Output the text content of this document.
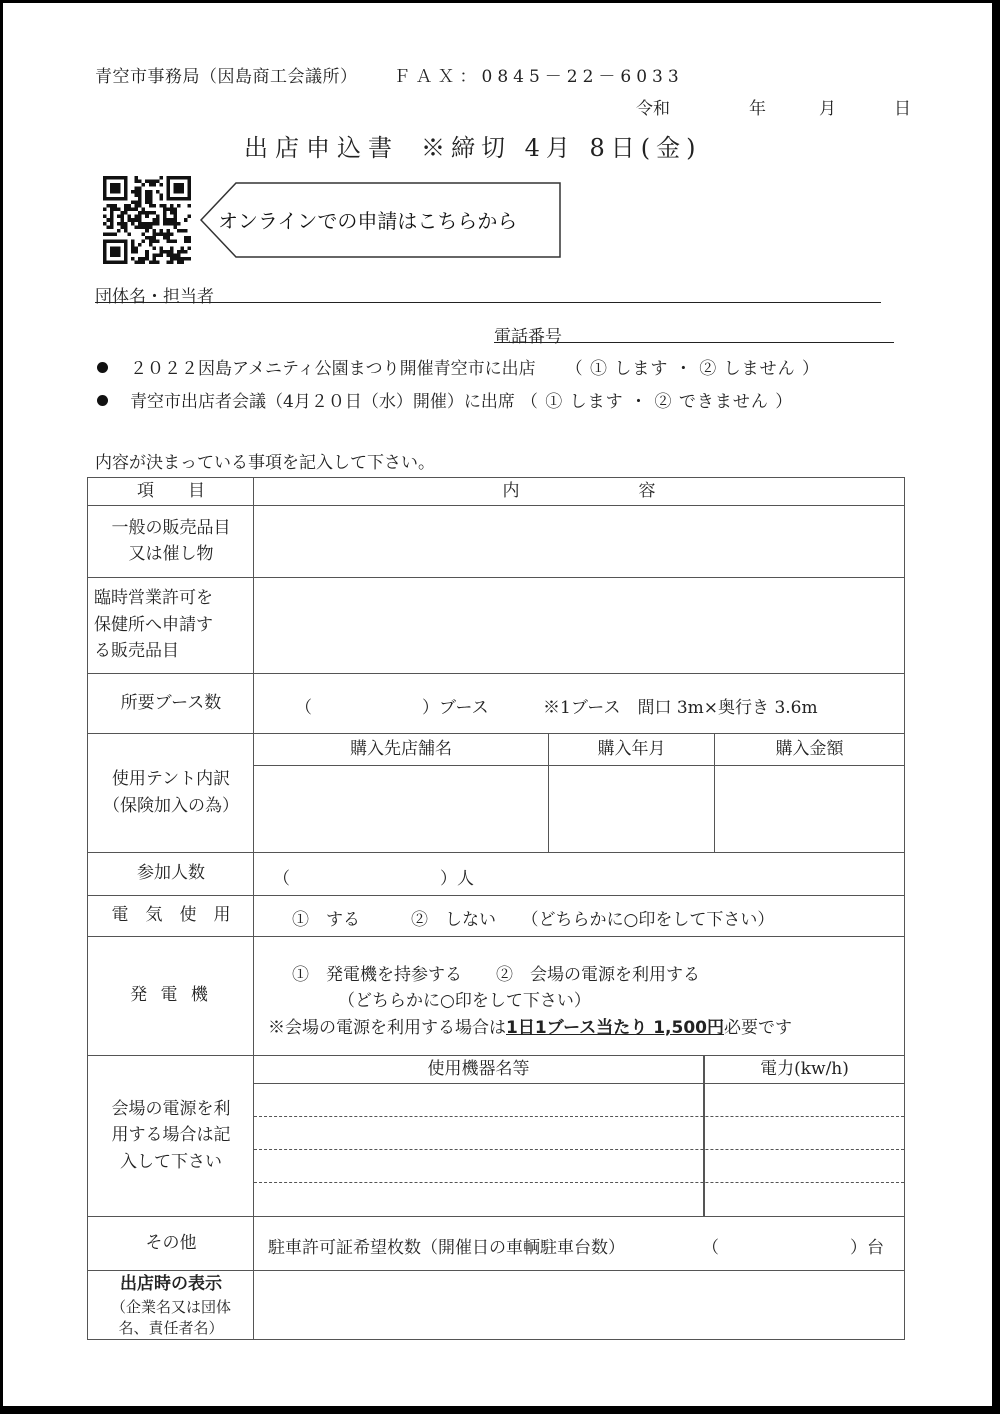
青空市事務局（因島商工会議所） ＦＡＸ：0845－22－6033
令和	年	月	日
出店申込書 ※締切 4月 8日(金)
オンラインでの申請はこちらから
団体名・担当者
電話番号
２０２２因島アメニティ公園まつり開催青空市に出店 （ ① します ・ ② しません ）
青空市出店者会議（4月２０日（水）開催）に出席 （ ① します ・ ② できません ）
内容が決まっている事項を記入して下さい。
項　　目	内　　　　　　　容
一般の販売品目
又は催し物
臨時営業許可を
保健所へ申請す
る販売品目
所要ブース数	（	）ブース	※1ブース　間口 3m×奥行き 3.6m
使用テント内訳
（保険加入の為）
購入先店舗名	購入年月	購入金額
参加人数	（	）人
電　気　使　用	①　する　　　②　しない　　（どちらかに○印をして下さい）
発 電 機
①　発電機を持参する　　②　会場の電源を利用する
（どちらかに○印をして下さい）
※会場の電源を利用する場合は1日1ブース当たり 1,500円必要です
会場の電源を利
用する場合は記
入して下さい
使用機器名等	電力(kw/h)
その他	駐車許可証希望枚数（開催日の車輌駐車台数）	（	）台
出店時の表示
（企業名又は団体
名、責任者名）
